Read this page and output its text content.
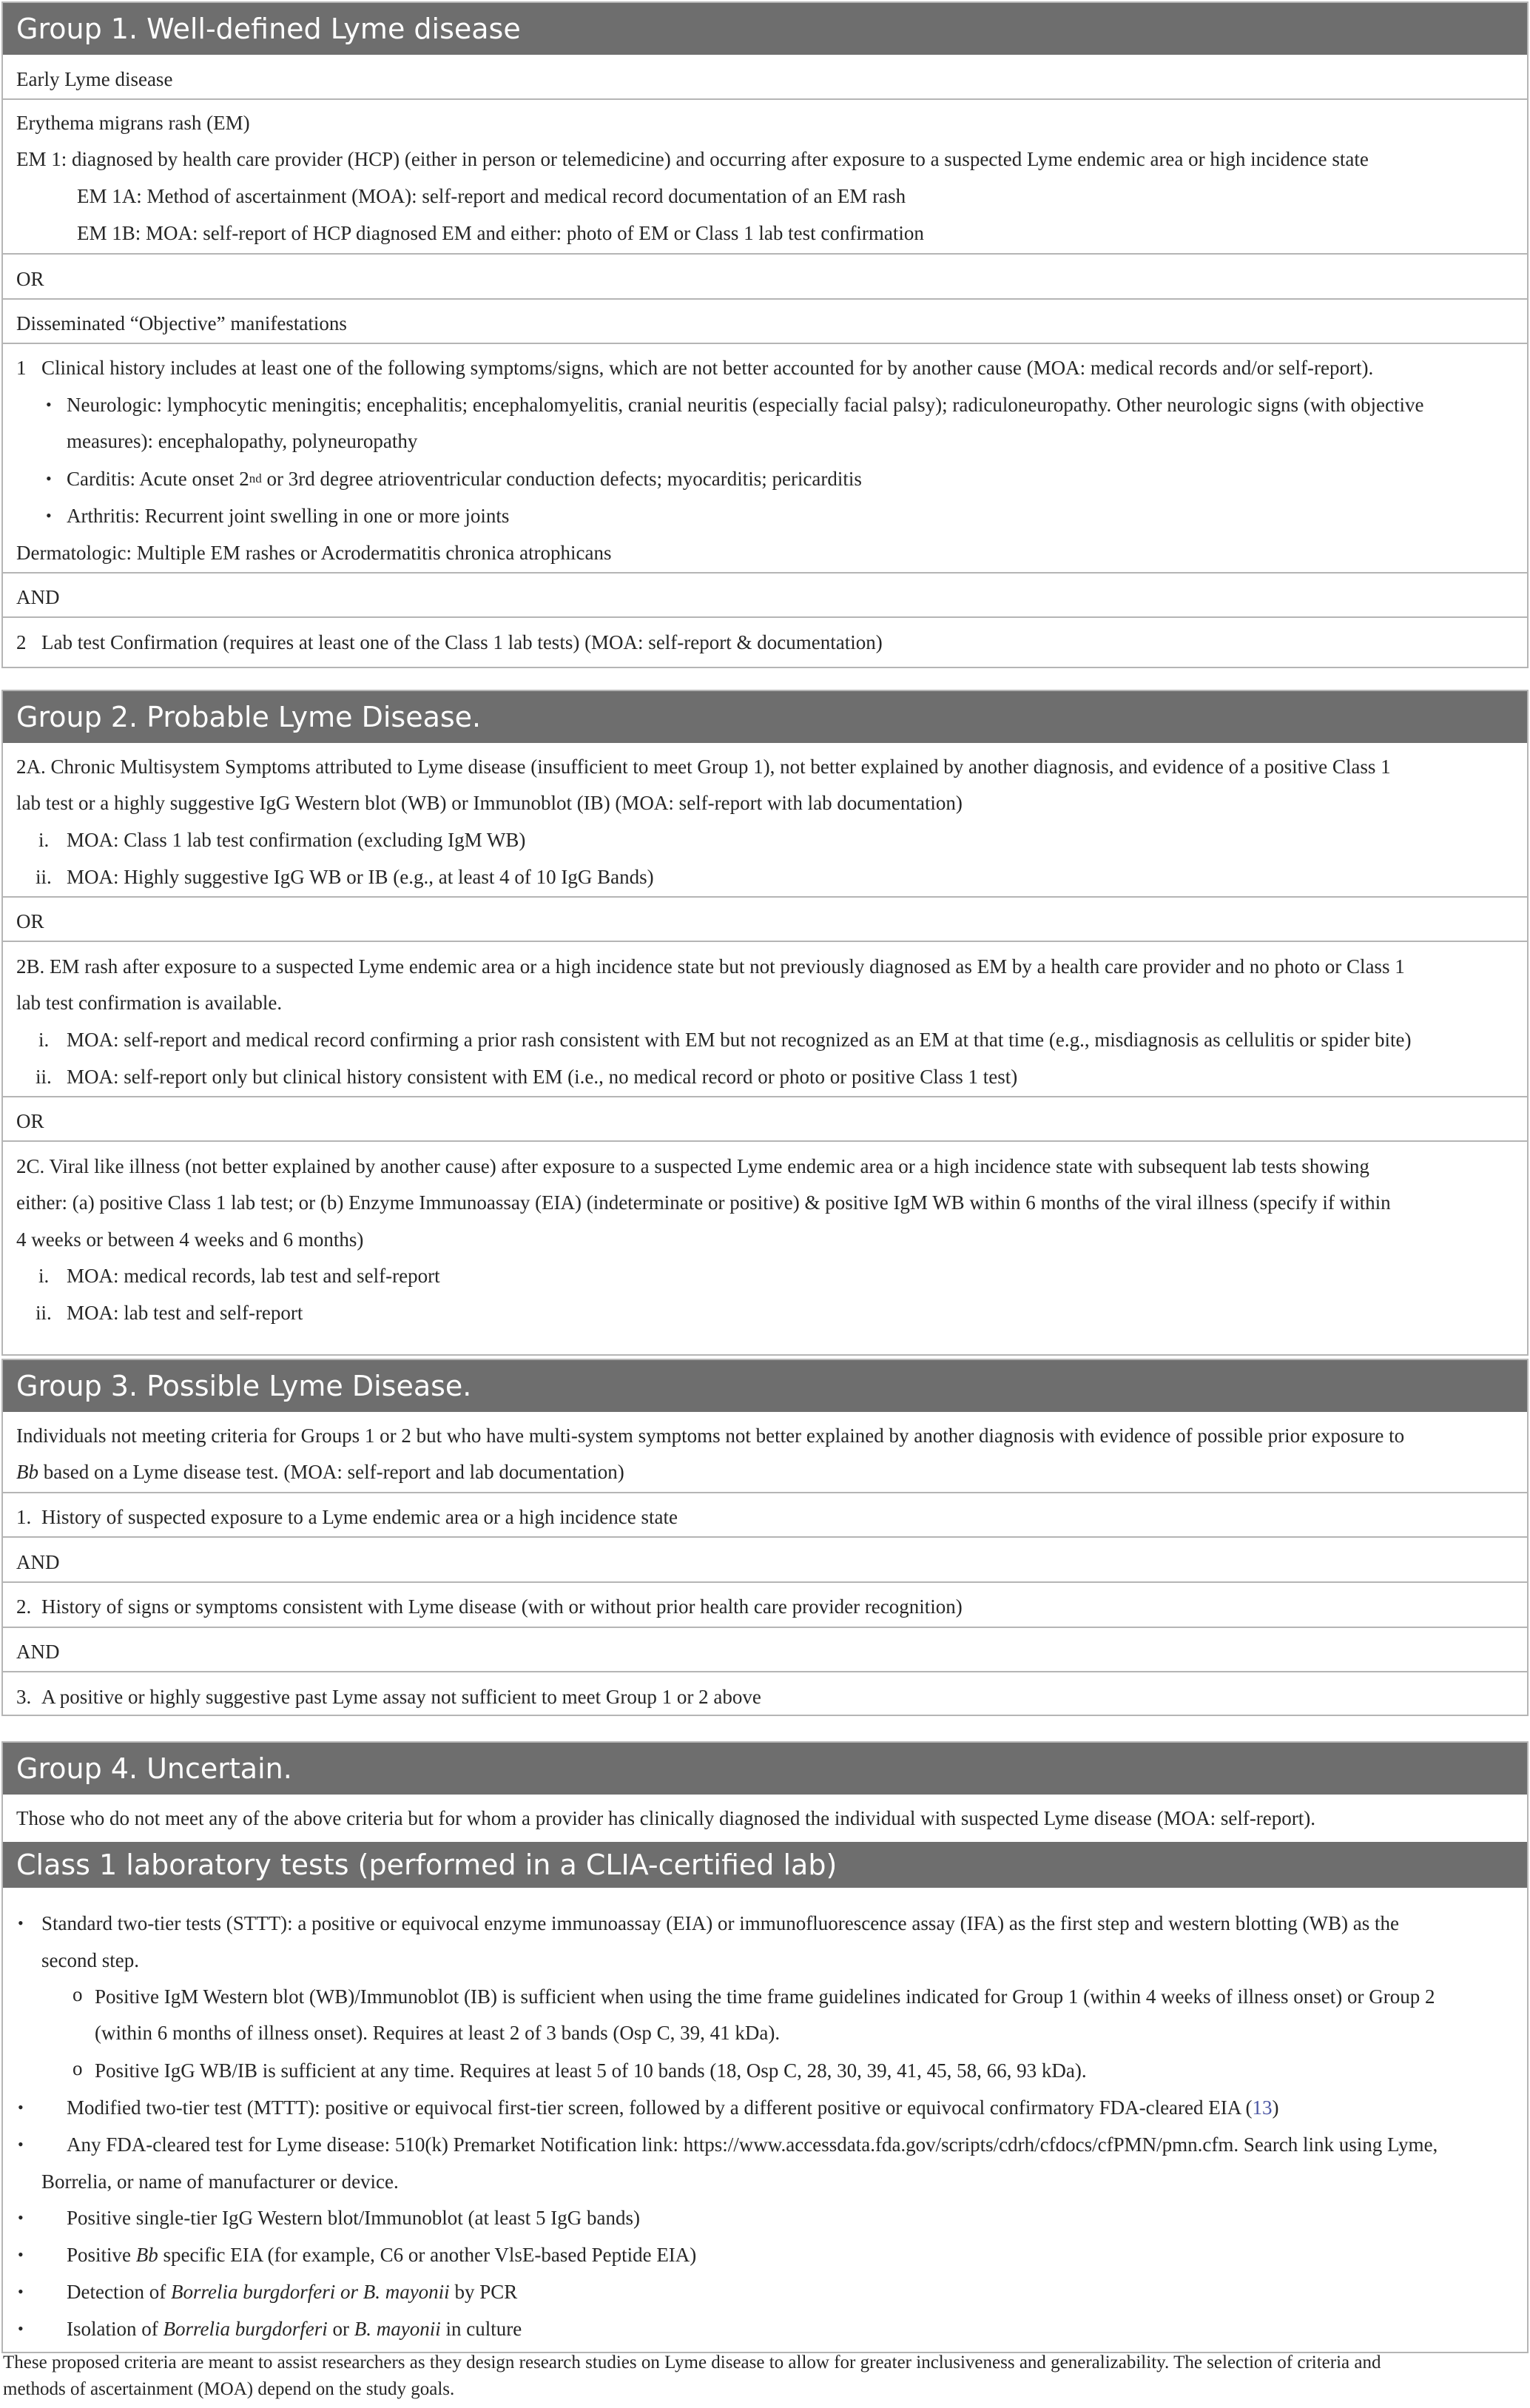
Group 1. Well-defined Lyme disease
Early Lyme disease
Erythema migrans rash (EM)
EM 1: diagnosed by health care provider (HCP) (either in person or telemedicine) and occurring after exposure to a suspected Lyme endemic area or high incidence state
EM 1A: Method of ascertainment (MOA): self-report and medical record documentation of an EM rash
EM 1B: MOA: self-report of HCP diagnosed EM and either: photo of EM or Class 1 lab test confirmation
OR
Disseminated “Objective” manifestations
1 Clinical history includes at least one of the following symptoms/signs, which are not better accounted for by another cause (MOA: medical records and/or self-report).
• Neurologic: lymphocytic meningitis; encephalitis; encephalomyelitis, cranial neuritis (especially facial palsy); radiculoneuropathy. Other neurologic signs (with objective
measures): encephalopathy, polyneuropathy
• Carditis: Acute onset 2nd or 3rd degree atrioventricular conduction defects; myocarditis; pericarditis
• Arthritis: Recurrent joint swelling in one or more joints
Dermatologic: Multiple EM rashes or Acrodermatitis chronica atrophicans
AND
2 Lab test Confirmation (requires at least one of the Class 1 lab tests) (MOA: self-report & documentation)
Group 2. Probable Lyme Disease.
2A. Chronic Multisystem Symptoms attributed to Lyme disease (insufficient to meet Group 1), not better explained by another diagnosis, and evidence of a positive Class 1
lab test or a highly suggestive IgG Western blot (WB) or Immunoblot (IB) (MOA: self-report with lab documentation)
i. MOA: Class 1 lab test confirmation (excluding IgM WB)
ii. MOA: Highly suggestive IgG WB or IB (e.g., at least 4 of 10 IgG Bands)
OR
2B. EM rash after exposure to a suspected Lyme endemic area or a high incidence state but not previously diagnosed as EM by a health care provider and no photo or Class 1
lab test confirmation is available.
i. MOA: self-report and medical record confirming a prior rash consistent with EM but not recognized as an EM at that time (e.g., misdiagnosis as cellulitis or spider bite)
ii. MOA: self-report only but clinical history consistent with EM (i.e., no medical record or photo or positive Class 1 test)
OR
2C. Viral like illness (not better explained by another cause) after exposure to a suspected Lyme endemic area or a high incidence state with subsequent lab tests showing
either: (a) positive Class 1 lab test; or (b) Enzyme Immunoassay (EIA) (indeterminate or positive) & positive IgM WB within 6 months of the viral illness (specify if within
4 weeks or between 4 weeks and 6 months)
i. MOA: medical records, lab test and self-report
ii. MOA: lab test and self-report
Group 3. Possible Lyme Disease.
Individuals not meeting criteria for Groups 1 or 2 but who have multi-system symptoms not better explained by another diagnosis with evidence of possible prior exposure to
Bb based on a Lyme disease test. (MOA: self-report and lab documentation)
1. History of suspected exposure to a Lyme endemic area or a high incidence state
AND
2. History of signs or symptoms consistent with Lyme disease (with or without prior health care provider recognition)
AND
3. A positive or highly suggestive past Lyme assay not sufficient to meet Group 1 or 2 above
Group 4. Uncertain.
Those who do not meet any of the above criteria but for whom a provider has clinically diagnosed the individual with suspected Lyme disease (MOA: self-report).
Class 1 laboratory tests (performed in a CLIA-certified lab)
• Standard two-tier tests (STTT): a positive or equivocal enzyme immunoassay (EIA) or immunofluorescence assay (IFA) as the first step and western blotting (WB) as the
second step.
o Positive IgM Western blot (WB)/Immunoblot (IB) is sufficient when using the time frame guidelines indicated for Group 1 (within 4 weeks of illness onset) or Group 2
(within 6 months of illness onset). Requires at least 2 of 3 bands (Osp C, 39, 41 kDa).
o Positive IgG WB/IB is sufficient at any time. Requires at least 5 of 10 bands (18, Osp C, 28, 30, 39, 41, 45, 58, 66, 93 kDa).
• Modified two-tier test (MTTT): positive or equivocal first-tier screen, followed by a different positive or equivocal confirmatory FDA-cleared EIA (13)
• Any FDA-cleared test for Lyme disease: 510(k) Premarket Notification link: https://www.accessdata.fda.gov/scripts/cdrh/cfdocs/cfPMN/pmn.cfm. Search link using Lyme,
Borrelia, or name of manufacturer or device.
• Positive single-tier IgG Western blot/Immunoblot (at least 5 IgG bands)
• Positive Bb specific EIA (for example, C6 or another VlsE-based Peptide EIA)
• Detection of Borrelia burgdorferi or B. mayonii by PCR
• Isolation of Borrelia burgdorferi or B. mayonii in culture
These proposed criteria are meant to assist researchers as they design research studies on Lyme disease to allow for greater inclusiveness and generalizability. The selection of criteria and
methods of ascertainment (MOA) depend on the study goals.
